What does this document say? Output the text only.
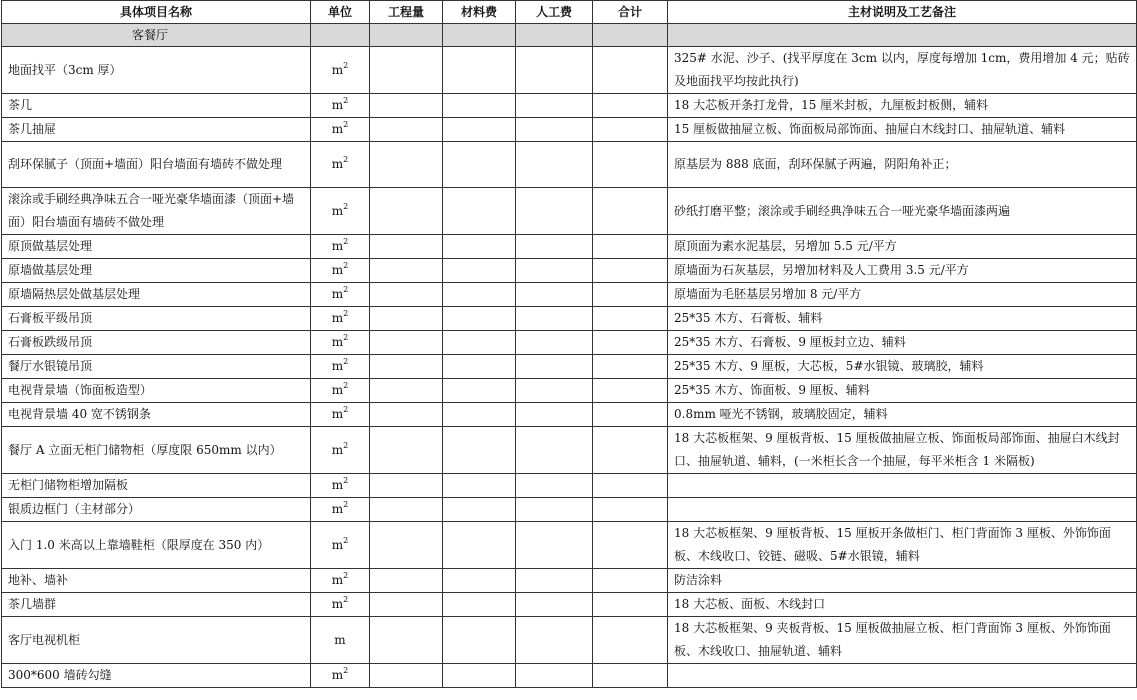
具体项目名称	单位	工程量	材料费	人工费	合计	主材说明及工艺备注
客餐厅						
地面找平（3cm 厚）	$m^2$					325# 水泥、沙子、(找平厚度在 3cm 以内，厚度每增加 1cm，费用增加 4 元；贴砖及地面找平均按此执行)
茶几	$m^2$					18 大芯板开条打龙骨，15 厘米封板，九厘板封板侧，辅料
茶几抽屉	$m^2$					15 厘板做抽屉立板、饰面板局部饰面、抽屉白木线封口、抽屉轨道、辅料
刮环保腻子（顶面+墙面）阳台墙面有墙砖不做处理	$m^2$					原基层为 888 底面，刮环保腻子两遍，阴阳角补正；
滚涂或手刷经典净味五合一哑光豪华墙面漆（顶面+墙面）阳台墙面有墙砖不做处理	$m^2$					砂纸打磨平整；滚涂或手刷经典净味五合一哑光豪华墙面漆两遍
原顶做基层处理	$m^2$					原顶面为素水泥基层，另增加 5.5 元/平方
原墙做基层处理	$m^2$					原墙面为石灰基层，另增加材料及人工费用 3.5 元/平方
原墙隔热层处做基层处理	$m^2$					原墙面为毛胚基层另增加 8 元/平方
石膏板平级吊顶	$m^2$					25*35 木方、石膏板、辅料
石膏板跌级吊顶	$m^2$					25*35 木方、石膏板、9 厘板封立边、辅料
餐厅水银镜吊顶	$m^2$					25*35 木方、9 厘板，大芯板，5#水银镜、玻璃胶，辅料
电视背景墙（饰面板造型）	$m^2$					25*35 木方、饰面板、9 厘板、辅料
电视背景墙 40 宽不锈钢条	$m^2$					0.8mm 哑光不锈钢，玻璃胶固定，辅料
餐厅 A 立面无柜门储物柜（厚度限 650mm 以内）	$m^2$					18 大芯板框架、9 厘板背板、15 厘板做抽屉立板、饰面板局部饰面、抽屉白木线封口、抽屉轨道、辅料，(一米柜长含一个抽屉，每平米柜含 1 米隔板)
无柜门储物柜增加隔板	$m^2$					
银质边框门（主材部分）	$m^2$					
入门 1.0 米高以上靠墙鞋柜（限厚度在 350 内）	$m^2$					18 大芯板框架、9 厘板背板、15 厘板开条做柜门、柜门背面饰 3 厘板、外饰饰面板、木线收口、铰链、磁吸、5#水银镜，辅料
地补、墙补	$m^2$					防洁涂料
茶几墙群	$m^2$					18 大芯板、面板、木线封口
客厅电视机柜	m					18 大芯板框架、9 夹板背板、15 厘板做抽屉立板、柜门背面饰 3 厘板、外饰饰面板、木线收口、抽屉轨道、辅料
300*600 墙砖勾缝	$m^2$					
